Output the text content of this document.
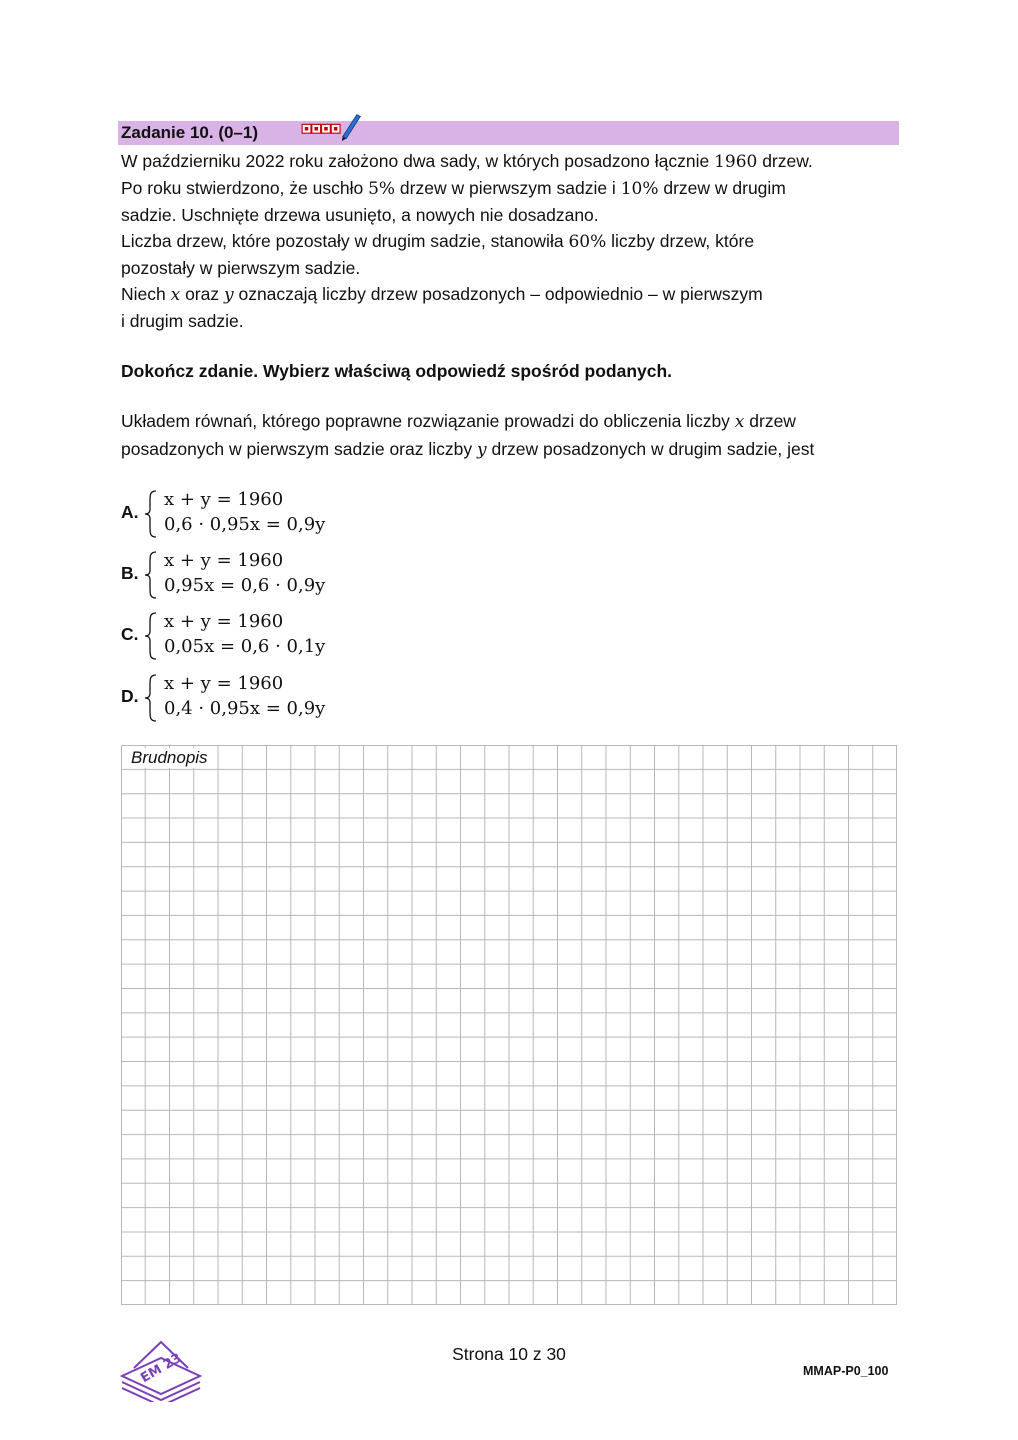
Zadanie 10. (0–1)
W październiku 2022 roku założono dwa sady, w których posadzono łącznie 1960 drzew.
Po roku stwierdzono, że uschło 5% drzew w pierwszym sadzie i 10% drzew w drugim
sadzie. Uschnięte drzewa usunięto, a nowych nie dosadzano.
Liczba drzew, które pozostały w drugim sadzie, stanowiła 60% liczby drzew, które
pozostały w pierwszym sadzie.
Niech x oraz y oznaczają liczby drzew posadzonych – odpowiednio – w pierwszym
i drugim sadzie.
Dokończ zdanie. Wybierz właściwą odpowiedź spośród podanych.
Układem równań, którego poprawne rozwiązanie prowadzi do obliczenia liczby x drzew
posadzonych w pierwszym sadzie oraz liczby y drzew posadzonych w drugim sadzie, jest
A.
x + y = 1960
0,6 · 0,95x = 0,9y
B.
x + y = 1960
0,95x = 0,6 · 0,9y
C.
x + y = 1960
0,05x = 0,6 · 0,1y
D.
x + y = 1960
0,4 · 0,95x = 0,9y
Brudnopis
EM 23	Strona 10 z 30
MMAP-P0_100
